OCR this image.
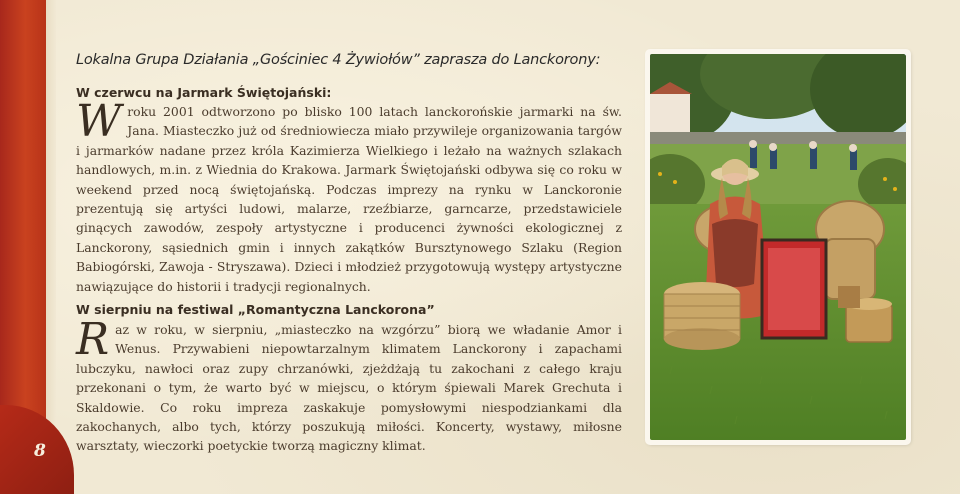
Lokalna Grupa Działania „Gościniec 4 Żywiołów” zaprasza do Lanckorony:
W czerwcu na Jarmark Świętojański:
W roku 2001 odtworzono po blisko 100 latach lanckorońskie jarmarki na św. Jana. Miasteczko już od średniowiecza miało przywileje organizowania targów i jarmarków nadane przez króla Kazimierza Wielkiego i leżało na ważnych szlakach handlowych, m.in. z Wiednia do Krakowa. Jarmark Świętojański odbywa się co roku w weekend przed nocą świętojańską. Podczas imprezy na rynku w Lanckoronie prezentują się artyści ludowi, malarze, rzeźbiarze, garncarze, przedstawiciele ginących zawodów, zespoły artystyczne i producenci żywności ekologicznej z Lanckorony, sąsiednich gmin i innych zakątków Bursztynowego Szlaku (Region Babiogórski, Zawoja - Stryszawa). Dzieci i młodzież przygotowują występy artystyczne nawiązujące do historii i tradycji regionalnych.
W sierpniu na festiwal „Romantyczna Lanckorona”
R az w roku, w sierpniu, „miasteczko na wzgórzu” biorą we władanie Amor i Wenus. Przywabieni niepowtarzalnym klimatem Lanckorony i zapachami lubczyku, nawłoci oraz zupy chrzanówki, zjeżdżają tu zakochani z całego kraju przekonani o tym, że warto być w miejscu, o którym śpiewali Marek Grechuta i Skaldowie. Co roku impreza zaskakuje pomysłowymi niespodziankami dla zakochanych, albo tych, którzy poszukują miłości. Koncerty, wystawy, miłosne warsztaty, wieczorki poetyckie tworzą magiczny klimat.
8
